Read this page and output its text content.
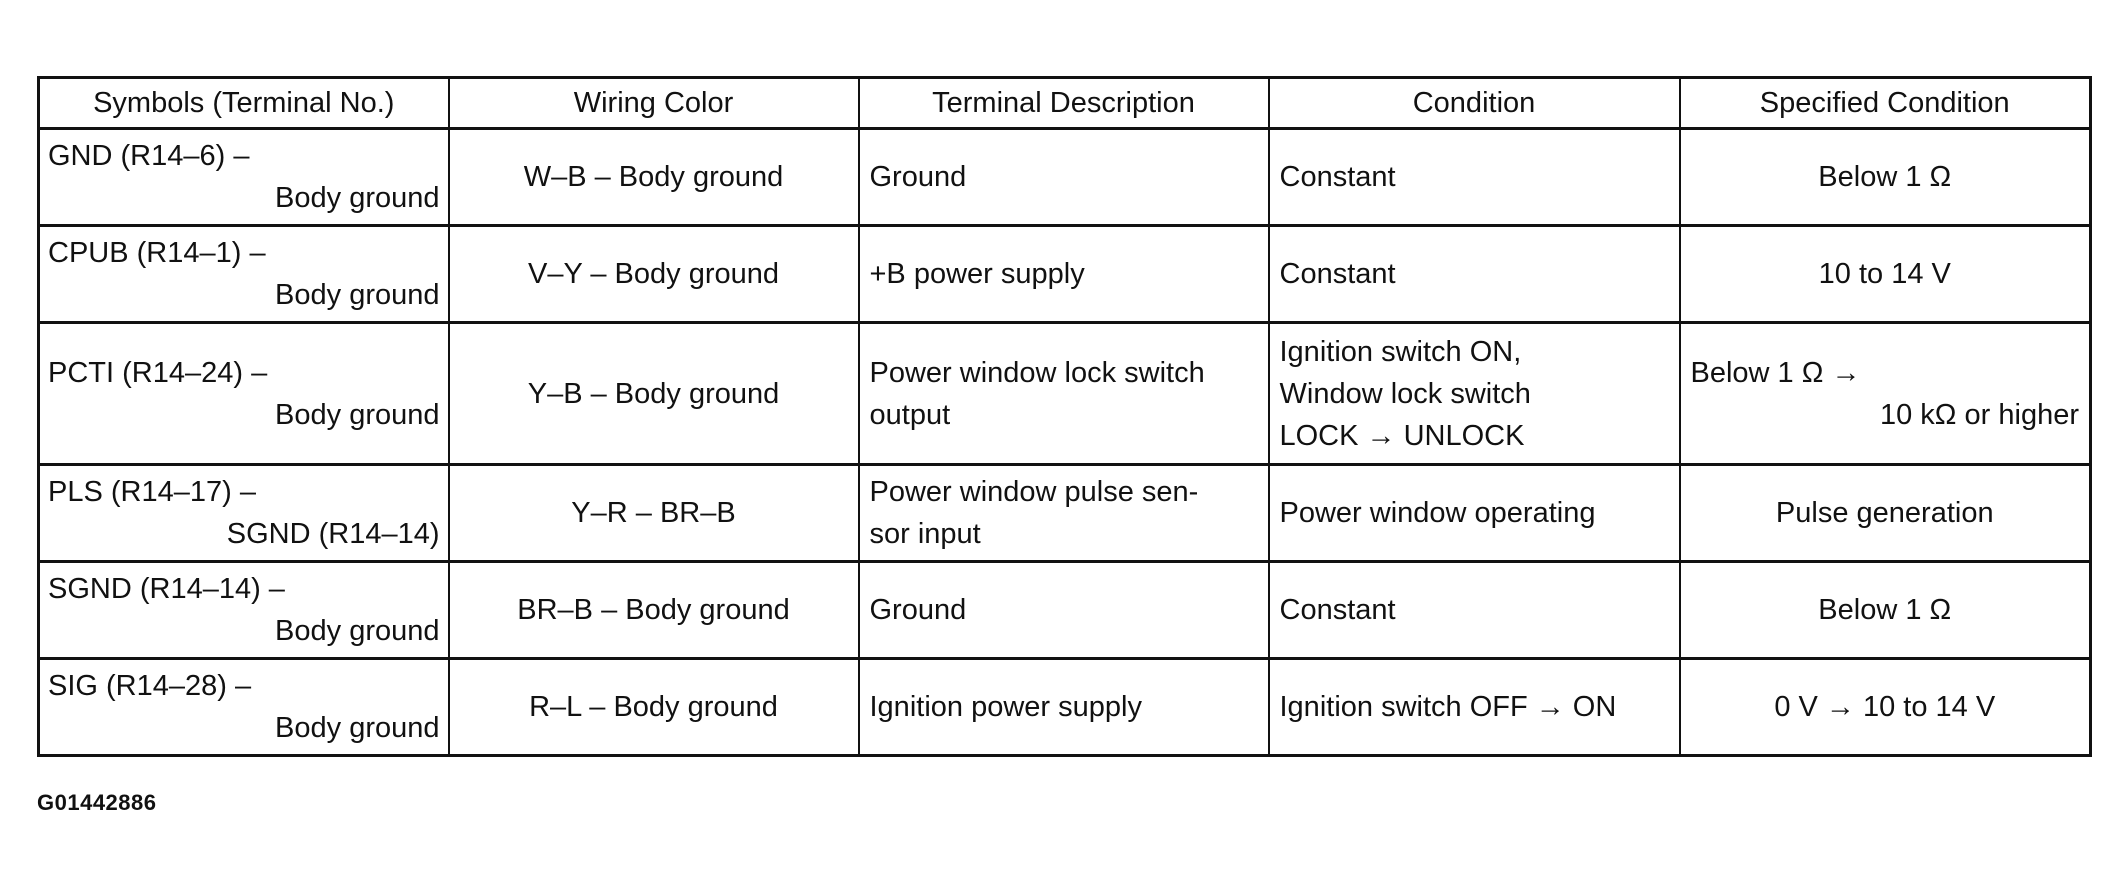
Symbols (Terminal No.)	Wiring Color	Terminal Description	Condition	Specified Condition

GND (R14–6) –
Body ground	W–B – Body ground	Ground	Constant	Below 1 Ω

CPUB (R14–1) –
Body ground	V–Y – Body ground	+B power supply	Constant	10 to 14 V

PCTI (R14–24) –
Body ground	Y–B – Body ground	Power window lock switch
output	Ignition switch ON,
Window lock switch
LOCK → UNLOCK	Below 1 Ω →
10 kΩ or higher

PLS (R14–17) –
SGND (R14–14)	Y–R – BR–B	Power window pulse sen-
sor input	Power window operating	Pulse generation

SGND (R14–14) –
Body ground	BR–B – Body ground	Ground	Constant	Below 1 Ω

SIG (R14–28) –
Body ground	R–L – Body ground	Ignition power supply	Ignition switch OFF → ON	0 V → 10 to 14 V
G01442886
